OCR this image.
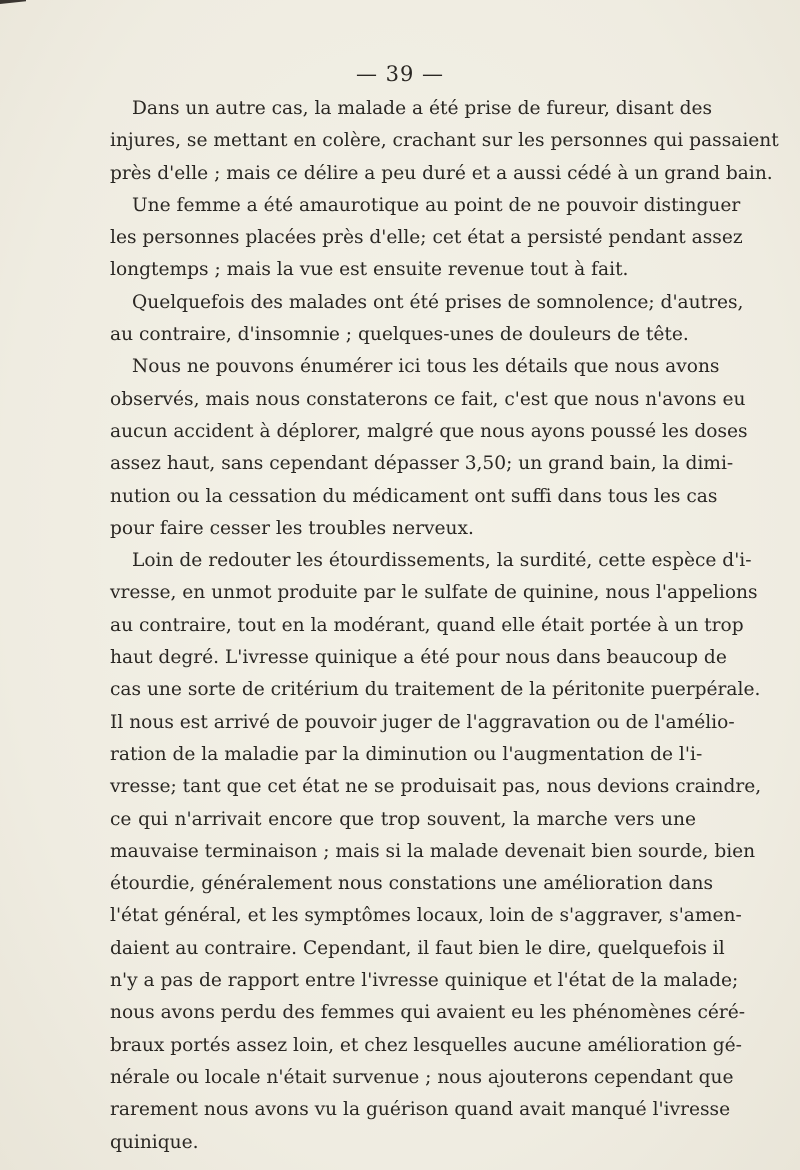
— 39 —
Dans un autre cas, la malade a été prise de fureur, disant des
injures, se mettant en colère, crachant sur les personnes qui passaient
près d'elle ; mais ce délire a peu duré et a aussi cédé à un grand bain.
Une femme a été amaurotique au point de ne pouvoir distinguer
les personnes placées près d'elle; cet état a persisté pendant assez
longtemps ; mais la vue est ensuite revenue tout à fait.
Quelquefois des malades ont été prises de somnolence; d'autres,
au contraire, d'insomnie ; quelques-unes de douleurs de tête.
Nous ne pouvons énumérer ici tous les détails que nous avons
observés, mais nous constaterons ce fait, c'est que nous n'avons eu
aucun accident à déplorer, malgré que nous ayons poussé les doses
assez haut, sans cependant dépasser 3,50; un grand bain, la dimi-
nution ou la cessation du médicament ont suffi dans tous les cas
pour faire cesser les troubles nerveux.
Loin de redouter les étourdissements, la surdité, cette espèce d'i-
vresse, en unmot produite par le sulfate de quinine, nous l'appelions
au contraire, tout en la modérant, quand elle était portée à un trop
haut degré. L'ivresse quinique a été pour nous dans beaucoup de
cas une sorte de critérium du traitement de la péritonite puerpérale.
Il nous est arrivé de pouvoir juger de l'aggravation ou de l'amélio-
ration de la maladie par la diminution ou l'augmentation de l'i-
vresse; tant que cet état ne se produisait pas, nous devions craindre,
ce qui n'arrivait encore que trop souvent, la marche vers une
mauvaise terminaison ; mais si la malade devenait bien sourde, bien
étourdie, généralement nous constations une amélioration dans
l'état général, et les symptômes locaux, loin de s'aggraver, s'amen-
daient au contraire. Cependant, il faut bien le dire, quelquefois il
n'y a pas de rapport entre l'ivresse quinique et l'état de la malade;
nous avons perdu des femmes qui avaient eu les phénomènes céré-
braux portés assez loin, et chez lesquelles aucune amélioration gé-
nérale ou locale n'était survenue ; nous ajouterons cependant que
rarement nous avons vu la guérison quand avait manqué l'ivresse
quinique.
